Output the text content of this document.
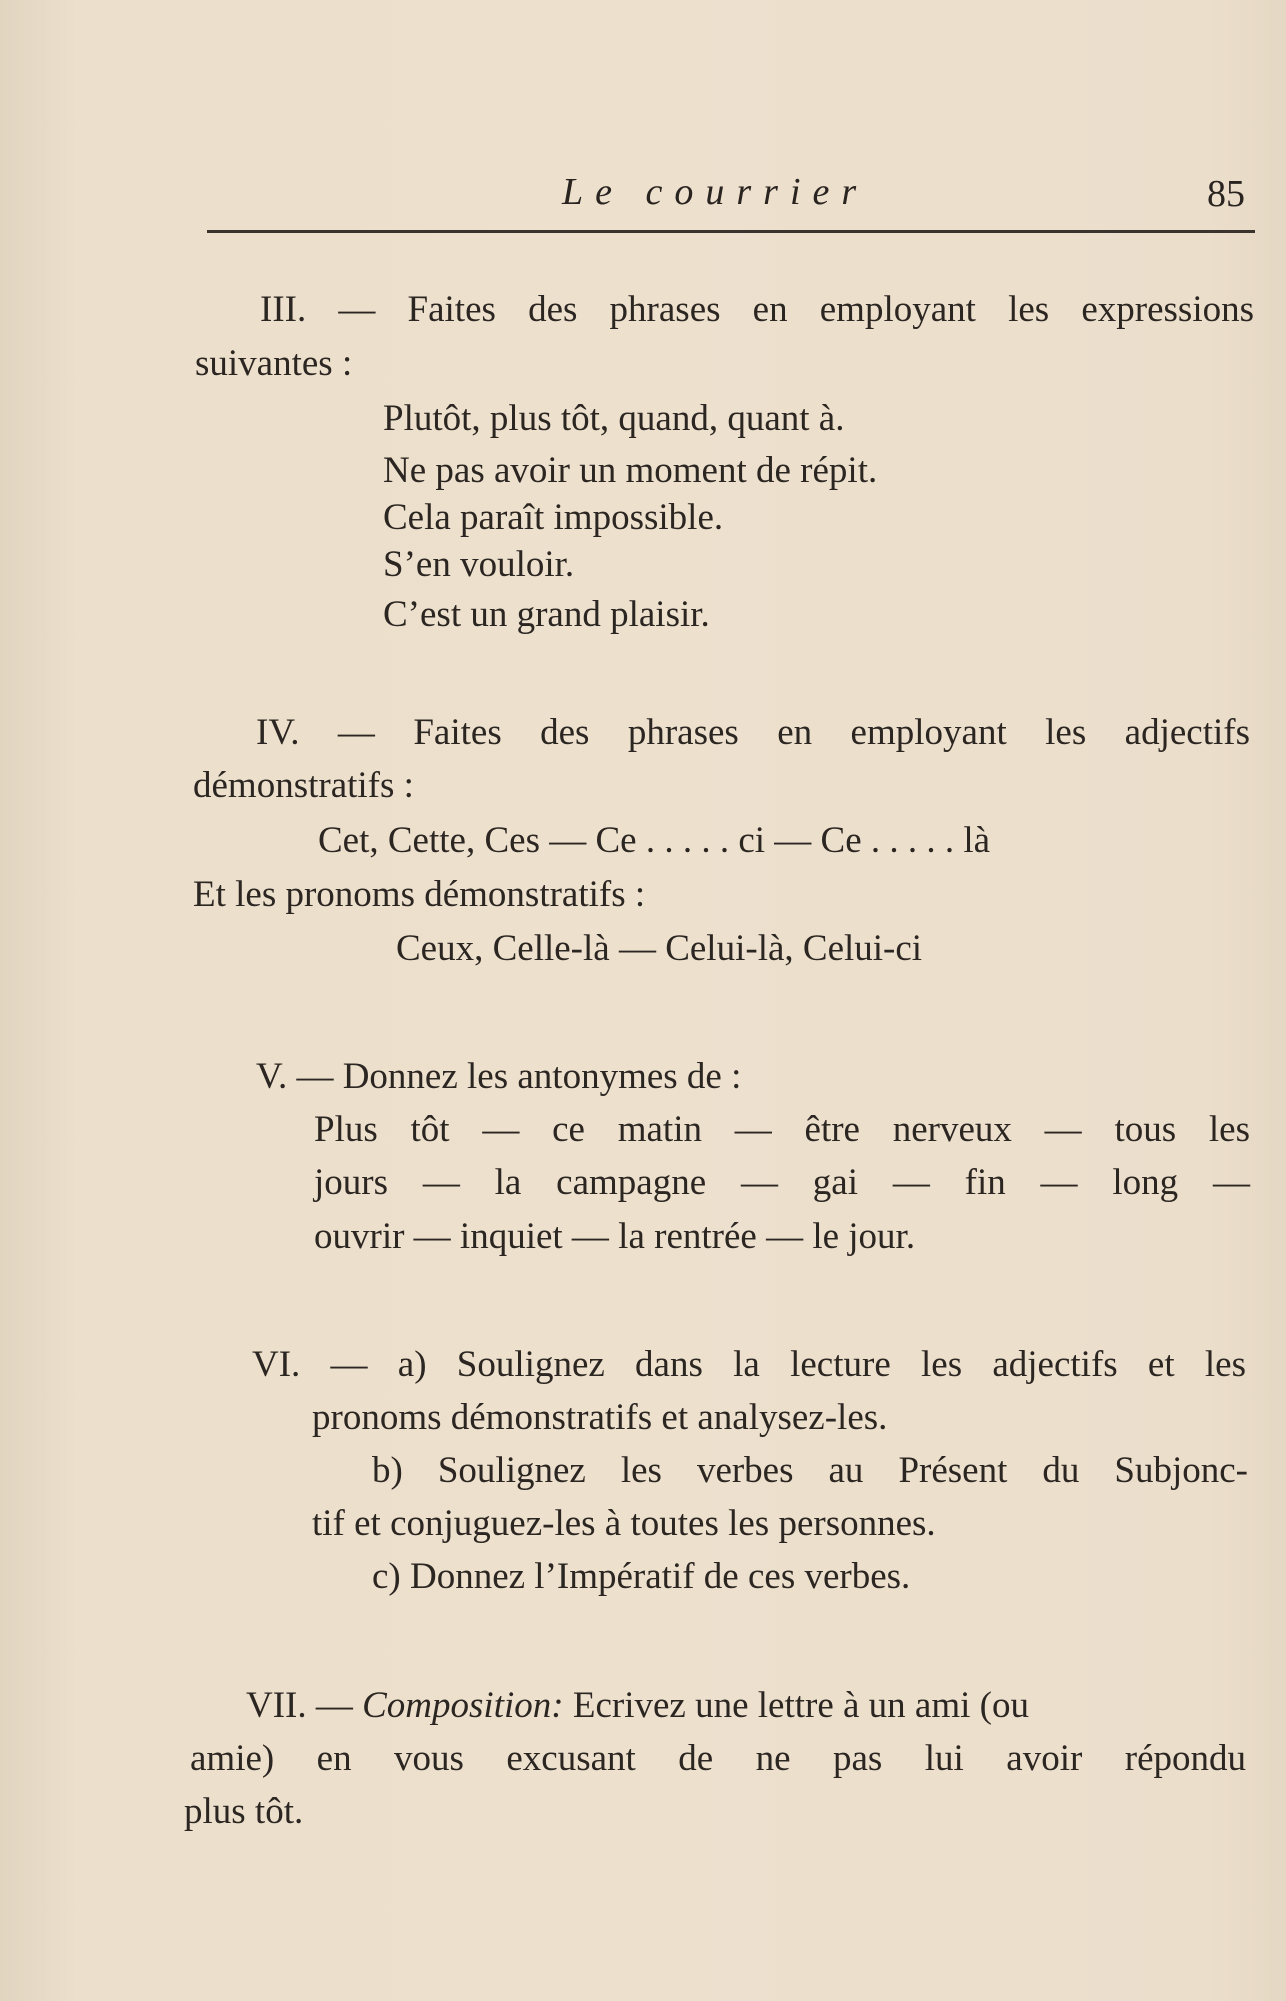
Le courrier	85
III. — Faites des phrases en employant les expressions
suivantes :
Plutôt, plus tôt, quand, quant à.
Ne pas avoir un moment de répit.
Cela paraît impossible.
S’en vouloir.
C’est un grand plaisir.
IV. — Faites des phrases en employant les adjectifs
démonstratifs :
Cet, Cette, Ces — Ce . . . . . ci — Ce . . . . . là
Et les pronoms démonstratifs :
Ceux, Celle-là — Celui-là, Celui-ci
V. — Donnez les antonymes de :
Plus tôt — ce matin — être nerveux — tous les
jours — la campagne — gai — fin — long —
ouvrir — inquiet — la rentrée — le jour.
VI. — a) Soulignez dans la lecture les adjectifs et les
pronoms démonstratifs et analysez-les.
b) Soulignez les verbes au Présent du Subjonc-
tif et conjuguez-les à toutes les personnes.
c) Donnez l’Impératif de ces verbes.
VII. — Composition: Ecrivez une lettre à un ami (ou
amie) en vous excusant de ne pas lui avoir répondu
plus tôt.
